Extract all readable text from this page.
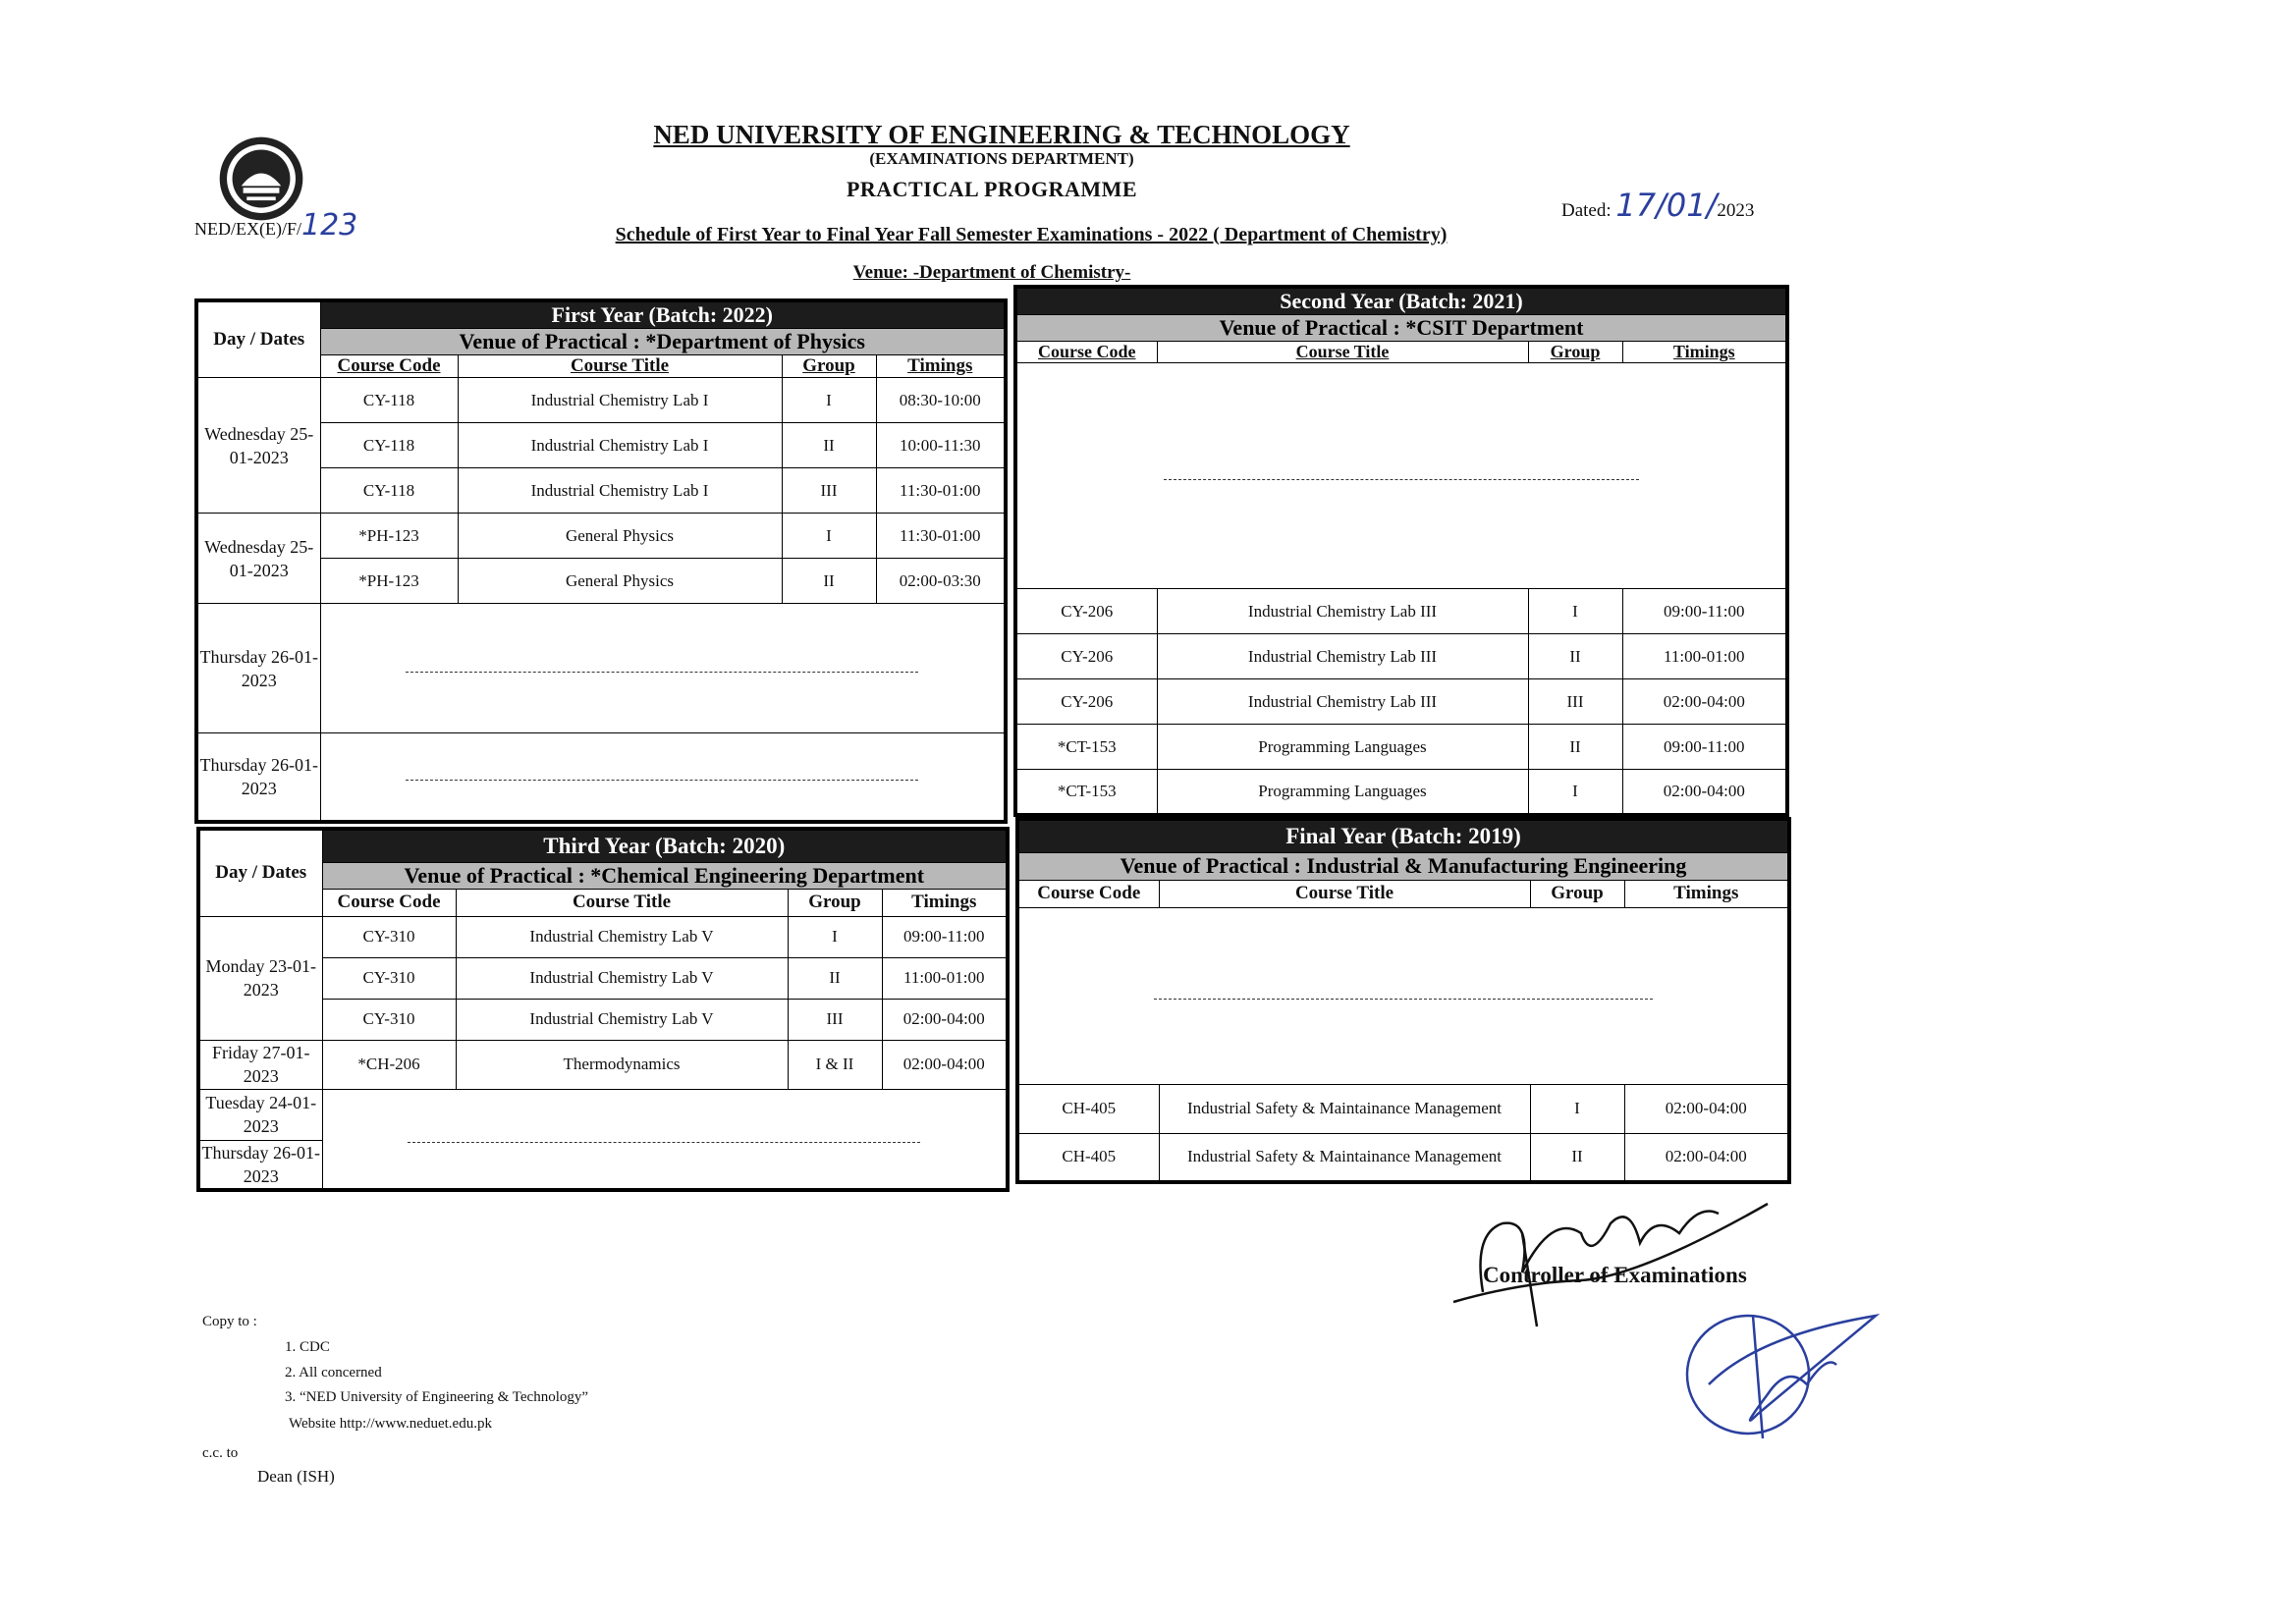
NED UNIVERSITY OF ENGINEERING & TECHNOLOGY
(EXAMINATIONS DEPARTMENT)
PRACTICAL PROGRAMME
NED/EX(E)/F/123	Dated: 17/01/2023
Schedule of First Year to Final Year Fall Semester Examinations - 2022 ( Department of Chemistry)
Venue: -Department of Chemistry-
Day / Dates	First Year (Batch: 2022)			
	Venue of Practical : *Department of Physics			
	Course Code	Course Title	Group	Timings
Wednesday 25-01-2023	CY-118	Industrial Chemistry Lab I	I	08:30-10:00
	CY-118	Industrial Chemistry Lab I	II	10:00-11:30
	CY-118	Industrial Chemistry Lab I	III	11:30-01:00
Wednesday 25-01-2023	*PH-123	General Physics	I	11:30-01:00
	*PH-123	General Physics	II	02:00-03:30
Thursday 26-01-2023				
Thursday 26-01-2023				
Second Year (Batch: 2021)			
Venue of Practical : *CSIT Department			
Course Code	Course Title	Group	Timings

CY-206	Industrial Chemistry Lab III	I	09:00-11:00
CY-206	Industrial Chemistry Lab III	II	11:00-01:00
CY-206	Industrial Chemistry Lab III	III	02:00-04:00
*CT-153	Programming Languages	II	09:00-11:00
*CT-153	Programming Languages	I	02:00-04:00
Day / Dates	Third Year (Batch: 2020)			
	Venue of Practical : *Chemical Engineering Department			
	Course Code	Course Title	Group	Timings
Monday 23-01-2023	CY-310	Industrial Chemistry Lab V	I	09:00-11:00
	CY-310	Industrial Chemistry Lab V	II	11:00-01:00
	CY-310	Industrial Chemistry Lab V	III	02:00-04:00
Friday 27-01-2023	*CH-206	Thermodynamics	I & II	02:00-04:00
Tuesday 24-01-2023				
Thursday 26-01-2023				
Final Year (Batch: 2019)			
Venue of Practical : Industrial & Manufacturing Engineering			
Course Code	Course Title	Group	Timings

CH-405	Industrial Safety & Maintainance Management	I	02:00-04:00
CH-405	Industrial Safety & Maintainance Management	II	02:00-04:00
Controller of Examinations
Copy to :
1. CDC
2. All concerned
3. “NED University of Engineering & Technology”
Website http://www.neduet.edu.pk
c.c. to
Dean (ISH)
